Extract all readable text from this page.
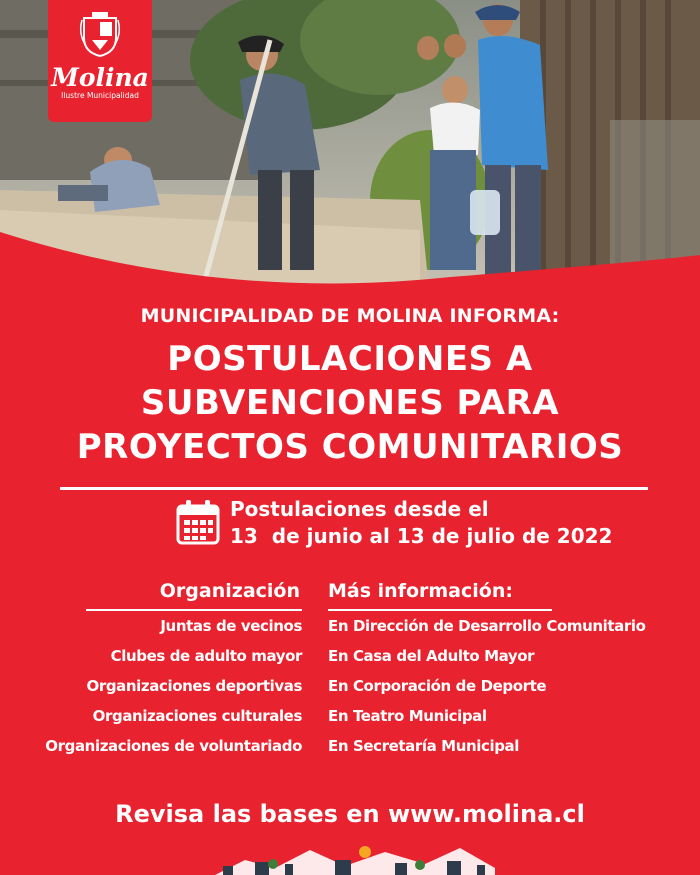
Molina
Ilustre Municipalidad
MUNICIPALIDAD DE MOLINA INFORMA:
POSTULACIONES A
SUBVENCIONES PARA
PROYECTOS COMUNITARIOS
Postulaciones desde el
13  de junio al 13 de julio de 2022
Organización Más información:
Juntas de vecinos En Dirección de Desarrollo Comunitario
Clubes de adulto mayor En Casa del Adulto Mayor
Organizaciones deportivas En Corporación de Deporte
Organizaciones culturales En Teatro Municipal
Organizaciones de voluntariado En Secretaría Municipal
Revisa las bases en www.molina.cl
